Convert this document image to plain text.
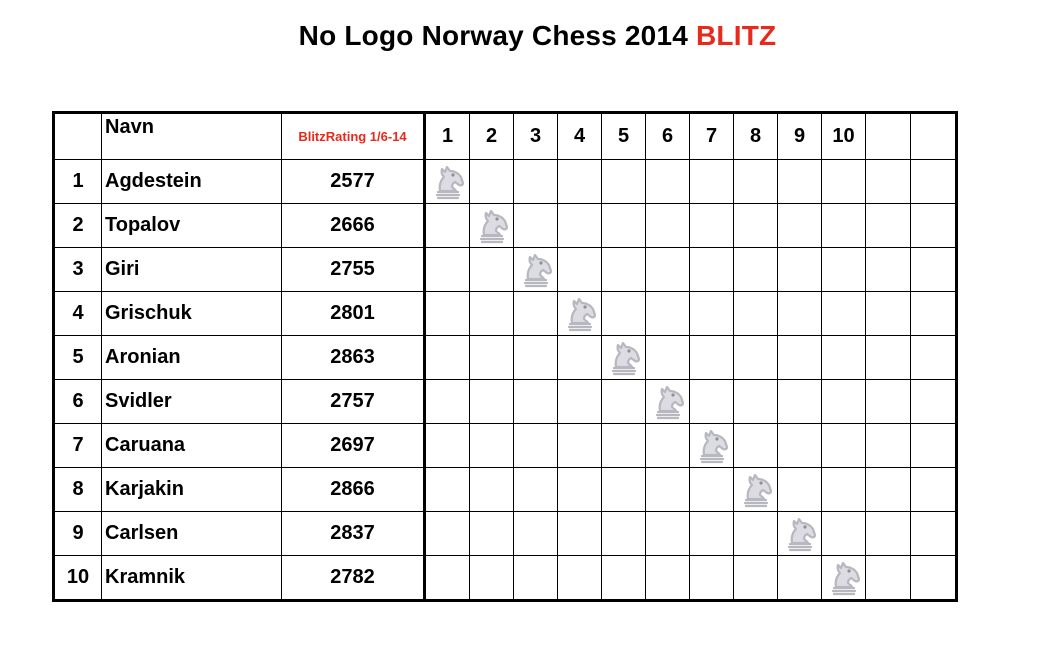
No Logo Norway Chess 2014 BLITZ
	Navn	BlitzRating 1/6-14	1	2	3	4	5	6	7	8	9	10		
1	Agdestein	2577	

2	Topalov	2666		

3	Giri	2755			

4	Grischuk	2801				

5	Aronian	2863					

6	Svidler	2757						

7	Caruana	2697							

8	Karjakin	2866								

9	Carlsen	2837									

10	Kramnik	2782										
